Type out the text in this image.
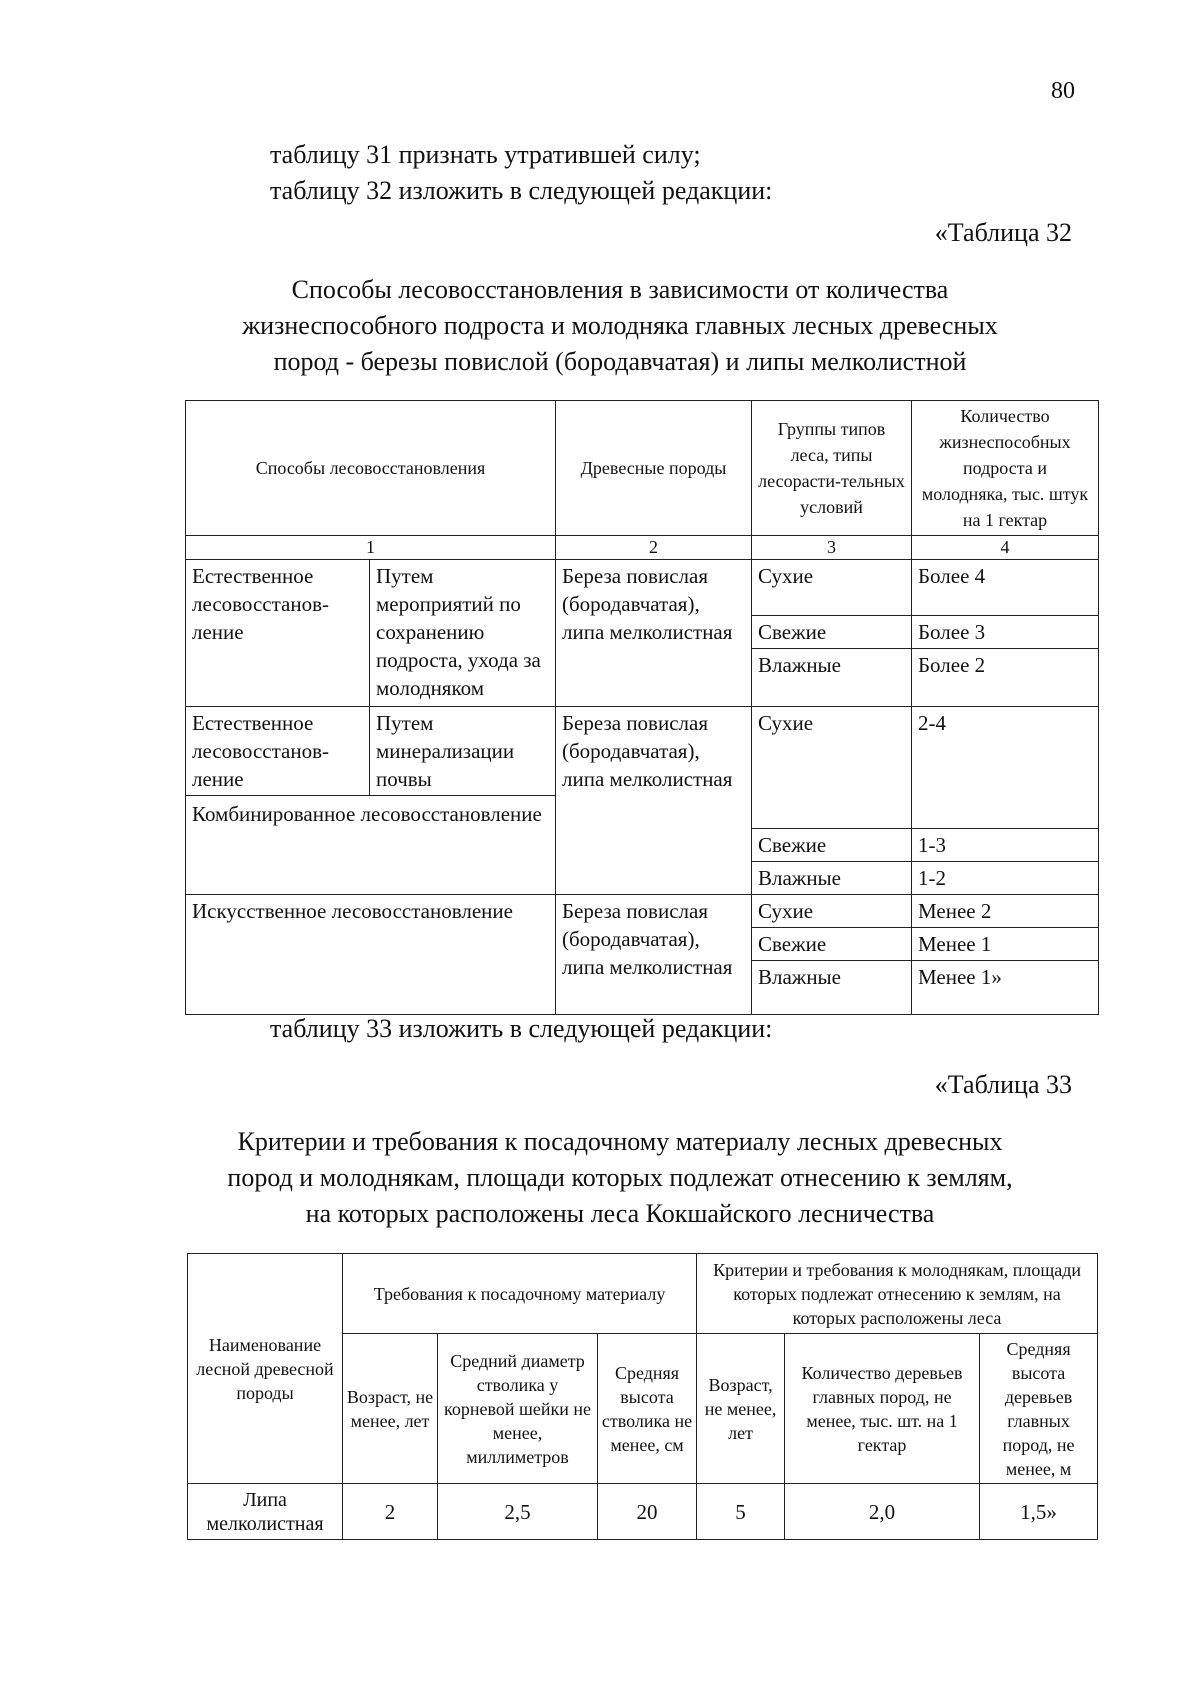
80
таблицу 31 признать утратившей силу;
таблицу 32 изложить в следующей редакции:
«Таблица 32
Способы лесовосстановления в зависимости от количества
жизнеспособного подроста и молодняка главных лесных древесных
пород - березы повислой (бородавчатая) и липы мелколистной
Способы лесовосстановления		Древесные породы	Группы типов леса, типы лесорасти-тельных условий	Количество жизнеспособных подроста и молодняка, тыс. штук на 1 гектар
1		2	3	4
Естественное лесовосстанов-ление	Путем мероприятий по сохранению подроста, ухода за молодняком	Береза повислая (бородавчатая), липа мелколистная	Сухие	Более 4
			Свежие	Более 3
			Влажные	Более 2
Естественное лесовосстанов-ление	Путем минерализации почвы	Береза повислая (бородавчатая), липа мелколистная	Сухие	2-4
Комбинированное лесовосстановление				
			Свежие	1-3
			Влажные	1-2
Искусственное лесовосстановление		Береза повислая (бородавчатая), липа мелколистная	Сухие	Менее 2
			Свежие	Менее 1
			Влажные	Менее 1»
таблицу 33 изложить в следующей редакции:
«Таблица 33
Критерии и требования к посадочному материалу лесных древесных
пород и молоднякам, площади которых подлежат отнесению к землям,
на которых расположены леса Кокшайского лесничества
Наименование лесной древесной породы	Требования к посадочному материалу			Критерии и требования к молоднякам, площади которых подлежат отнесению к землям, на которых расположены леса		
	Возраст, не менее, лет	Средний диаметр стволика у корневой шейки не менее, миллиметров	Средняя высота стволика не менее, см	Возраст, не менее, лет	Количество деревьев главных пород, не менее, тыс. шт. на 1 гектар	Средняя высота деревьев главных пород, не менее, м
Липа мелколистная	2	2,5	20	5	2,0	1,5»
